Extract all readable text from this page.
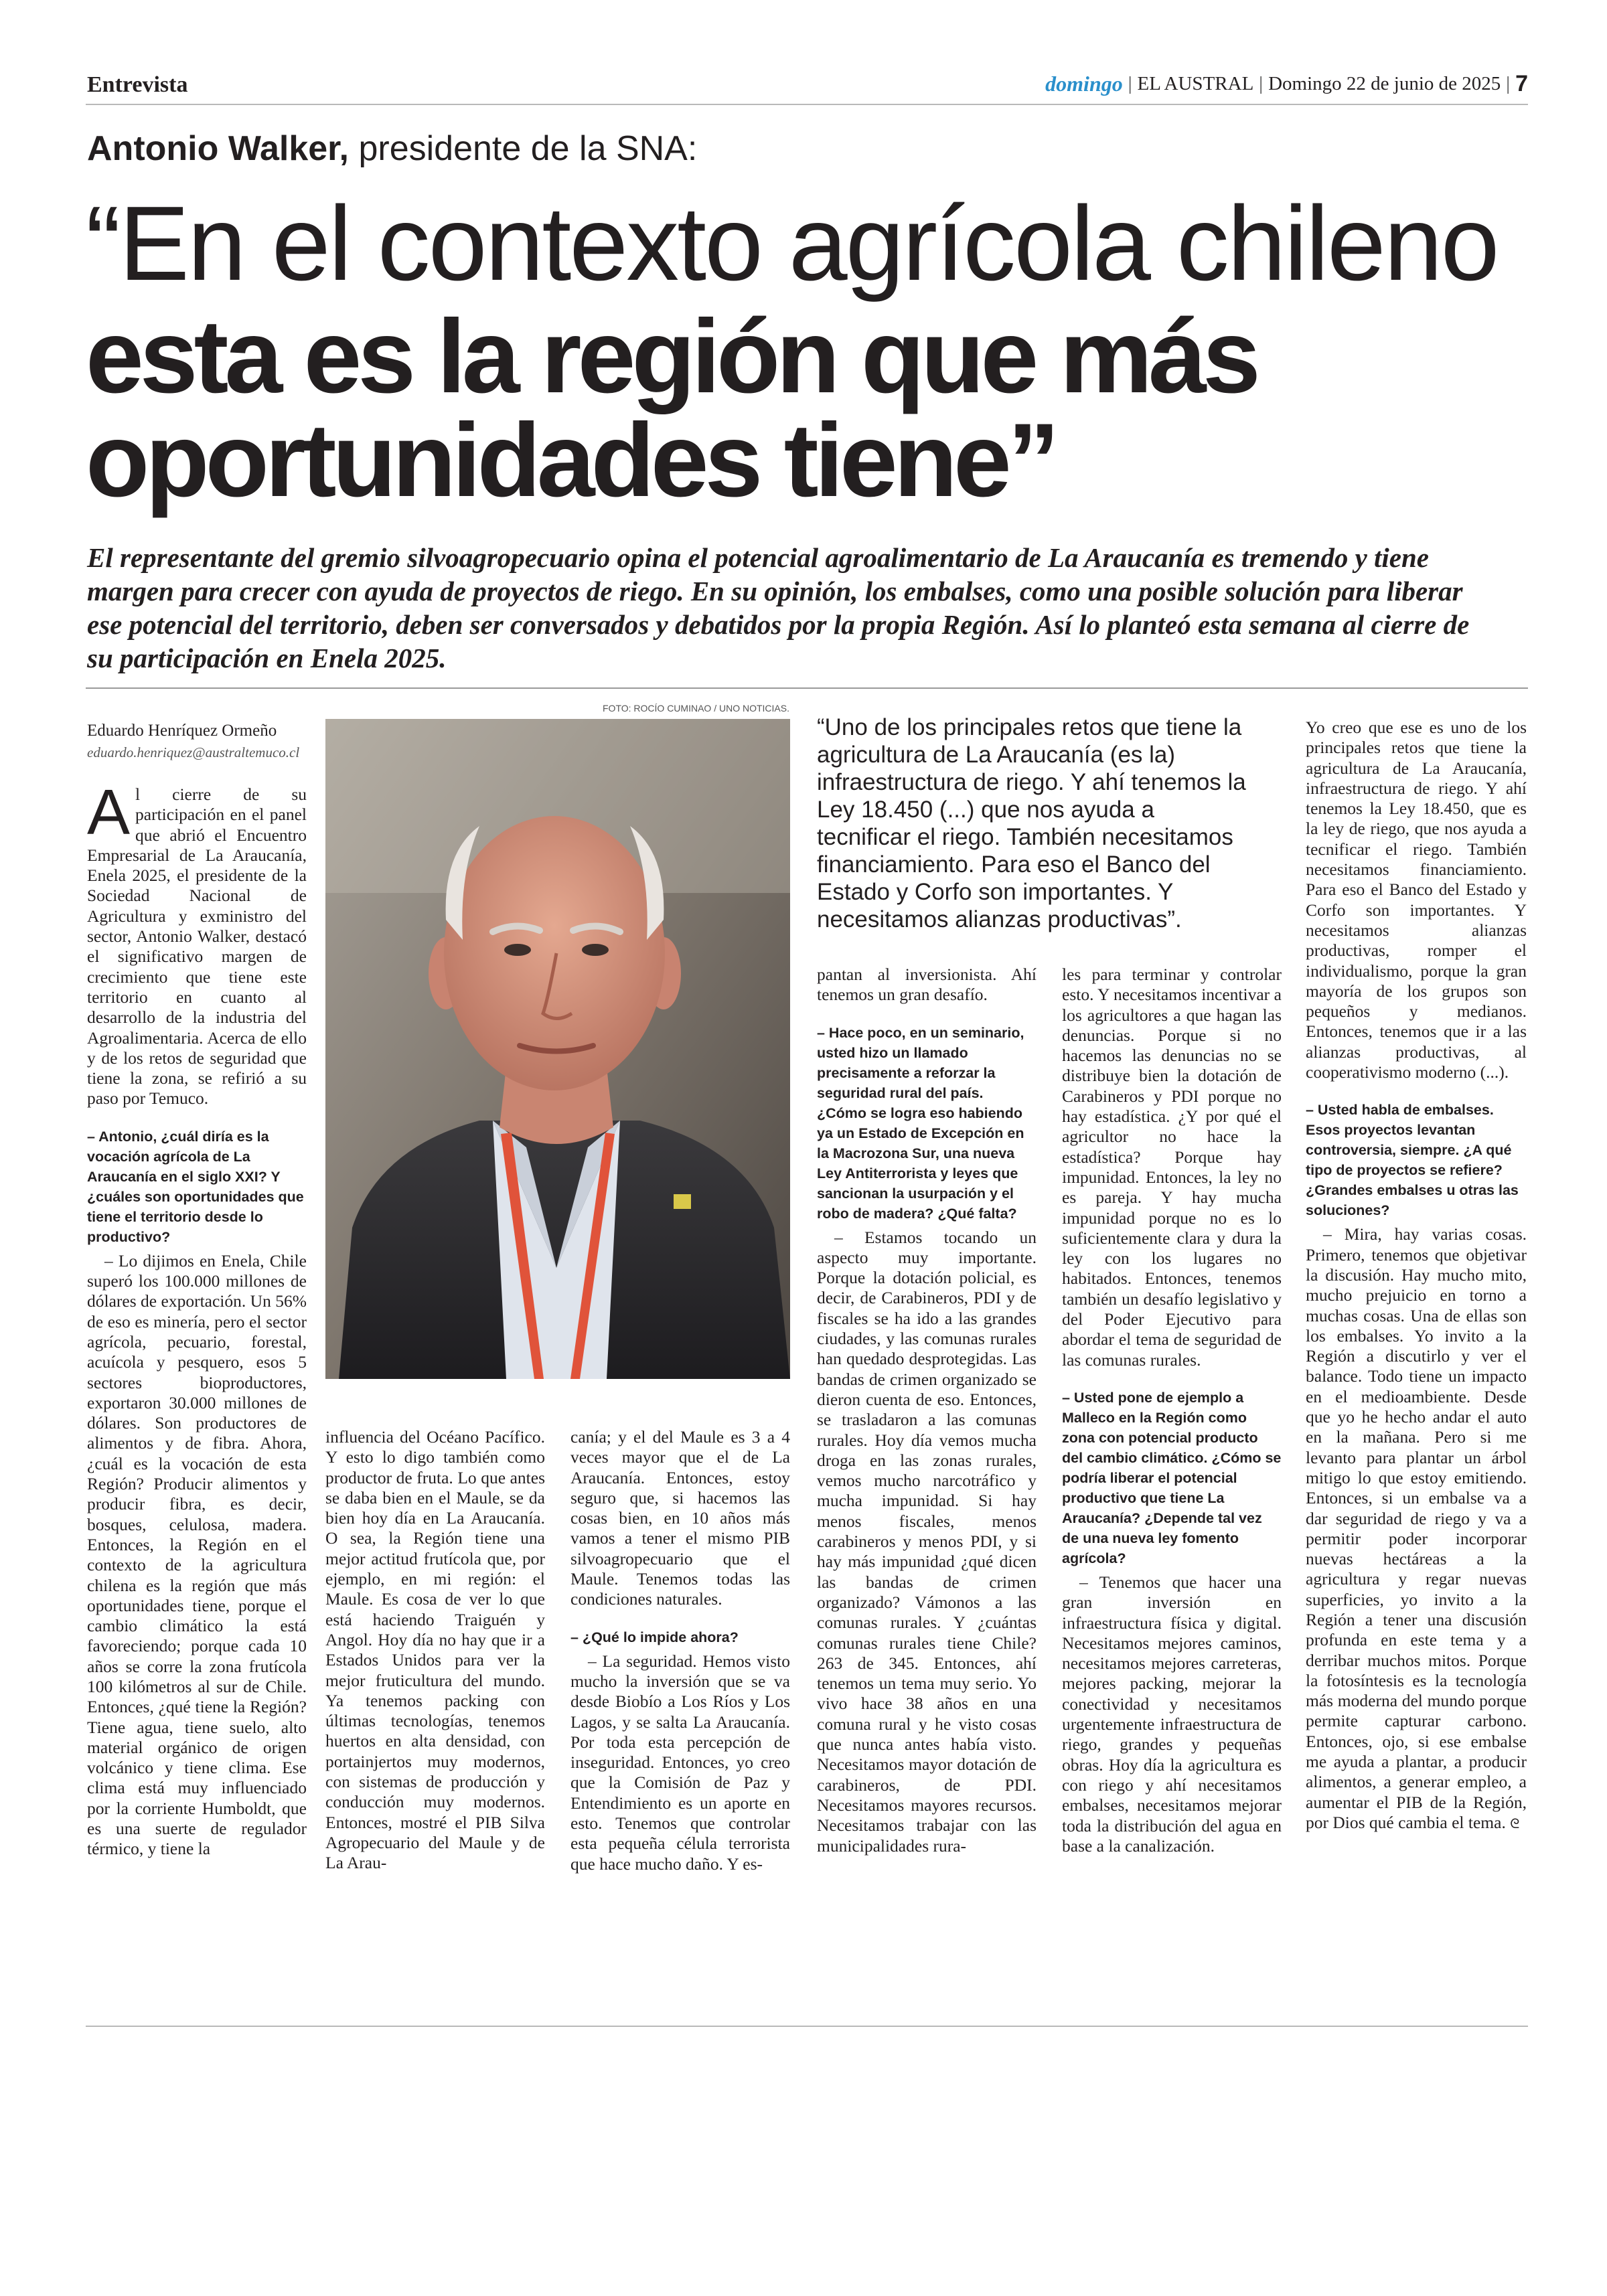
Entrevista	domingo | EL AUSTRAL | Domingo 22 de junio de 2025 | 7
Antonio Walker, presidente de la SNA:
“En el contexto agrícola chileno
esta es la región que más
oportunidades tiene”
El representante del gremio silvoagropecuario opina el potencial agroalimentario de La Araucanía es tremendo y tiene margen para crecer con ayuda de proyectos de riego. En su opinión, los embalses, como una posible solución para liberar ese potencial del territorio, deben ser conversados y debatidos por la propia Región. Así lo planteó esta semana al cierre de su participación en Enela 2025.
Eduardo Henríquez Ormeño
eduardo.henriquez@australtemuco.cl

Al cierre de su participación en el panel que abrió el Encuentro Empresarial de La Araucanía, Enela 2025, el presidente de la Sociedad Nacional de Agricultura y exministro del sector, Antonio Walker, destacó el significativo margen de crecimiento que tiene este territorio en cuanto al desarrollo de la industria del Agroalimentaria. Acerca de ello y de los retos de seguridad que tiene la zona, se refirió a su paso por Temuco.

– Antonio, ¿cuál diría es la vocación agrícola de La Araucanía en el siglo XXI? Y ¿cuáles son oportunidades que tiene el territorio desde lo productivo?

– Lo dijimos en Enela, Chile superó los 100.000 millones de dólares de exportación. Un 56% de eso es minería, pero el sector agrícola, pecuario, forestal, acuícola y pesquero, esos 5 sectores bioproductores, exportaron 30.000 millones de dólares. Son productores de alimentos y de fibra. Ahora, ¿cuál es la vocación de esta Región? Producir alimentos y producir fibra, es decir, bosques, celulosa, madera. Entonces, la Región en el contexto de la agricultura chilena es la región que más oportunidades tiene, porque el cambio climático la está favoreciendo; porque cada 10 años se corre la zona frutícola 100 kilómetros al sur de Chile. Entonces, ¿qué tiene la Región? Tiene agua, tiene suelo, alto material orgánico de origen volcánico y tiene clima. Ese clima está muy influenciado por la corriente Humboldt, que es una suerte de regulador térmico, y tiene la

FOTO: ROCÍO CUMINAO / UNO NOTICIAS.

influencia del Océano Pacífico. Y esto lo digo también como productor de fruta. Lo que antes se daba bien en el Maule, se da bien hoy día en La Araucanía. O sea, la Región tiene una mejor actitud frutícola que, por ejemplo, en mi región: el Maule. Es cosa de ver lo que está haciendo Traiguén y Angol. Hoy día no hay que ir a Estados Unidos para ver la mejor fruticultura del mundo. Ya tenemos packing con últimas tecnologías, tenemos huertos en alta densidad, con portainjertos muy modernos, con sistemas de producción y conducción muy modernos. Entonces, mostré el PIB Silva Agropecuario del Maule y de La Arau-

canía; y el del Maule es 3 a 4 veces mayor que el de La Araucanía. Entonces, estoy seguro que, si hacemos las cosas bien, en 10 años más vamos a tener el mismo PIB silvoagropecuario que el Maule. Tenemos todas las condiciones naturales.

– ¿Qué lo impide ahora?

– La seguridad. Hemos visto mucho la inversión que se va desde Biobío a Los Ríos y Los Lagos, y se salta La Araucanía. Por toda esta percepción de inseguridad. Entonces, yo creo que la Comisión de Paz y Entendimiento es un aporte en esto. Tenemos que controlar esta pequeña célula terrorista que hace mucho daño. Y es-

“Uno de los principales retos que tiene la agricultura de La Araucanía (es la) infraestructura de riego. Y ahí tenemos la Ley 18.450 (...) que nos ayuda a tecnificar el riego. También necesitamos financiamiento. Para eso el Banco del Estado y Corfo son importantes. Y necesitamos alianzas productivas”.

pantan al inversionista. Ahí tenemos un gran desafío.

– Hace poco, en un seminario, usted hizo un llamado precisamente a reforzar la seguridad rural del país. ¿Cómo se logra eso habiendo ya un Estado de Excepción en la Macrozona Sur, una nueva Ley Antiterrorista y leyes que sancionan la usurpación y el robo de madera? ¿Qué falta?

– Estamos tocando un aspecto muy importante. Porque la dotación policial, es decir, de Carabineros, PDI y de fiscales se ha ido a las grandes ciudades, y las comunas rurales han quedado desprotegidas. Las bandas de crimen organizado se dieron cuenta de eso. Entonces, se trasladaron a las comunas rurales. Hoy día vemos mucha droga en las zonas rurales, vemos mucho narcotráfico y mucha impunidad. Si hay menos fiscales, menos carabineros y menos PDI, y si hay más impunidad ¿qué dicen las bandas de crimen organizado? Vámonos a las comunas rurales. Y ¿cuántas comunas rurales tiene Chile? 263 de 345. Entonces, ahí tenemos un tema muy serio. Yo vivo hace 38 años en una comuna rural y he visto cosas que nunca antes había visto. Necesitamos mayor dotación de carabineros, de PDI. Necesitamos mayores recursos. Necesitamos trabajar con las municipalidades rura-

les para terminar y controlar esto. Y necesitamos incentivar a los agricultores a que hagan las denuncias. Porque si no hacemos las denuncias no se distribuye bien la dotación de Carabineros y PDI porque no hay estadística. ¿Y por qué el agricultor no hace la estadística? Porque hay impunidad. Entonces, la ley no es pareja. Y hay mucha impunidad porque no es lo suficientemente clara y dura la ley con los lugares no habitados. Entonces, tenemos también un desafío legislativo y del Poder Ejecutivo para abordar el tema de seguridad de las comunas rurales.

– Usted pone de ejemplo a Malleco en la Región como zona con potencial producto del cambio climático. ¿Cómo se podría liberar el potencial productivo que tiene La Araucanía? ¿Depende tal vez de una nueva ley fomento agrícola?

– Tenemos que hacer una gran inversión en infraestructura física y digital. Necesitamos mejores caminos, necesitamos mejores carreteras, mejores packing, mejorar la conectividad y necesitamos urgentemente infraestructura de riego, grandes y pequeñas obras. Hoy día la agricultura es con riego y ahí necesitamos embalses, necesitamos mejorar toda la distribución del agua en base a la canalización.

Yo creo que ese es uno de los principales retos que tiene la agricultura de La Araucanía, infraestructura de riego. Y ahí tenemos la Ley 18.450, que es la ley de riego, que nos ayuda a tecnificar el riego. También necesitamos financiamiento. Para eso el Banco del Estado y Corfo son importantes. Y necesitamos alianzas productivas, romper el individualismo, porque la gran mayoría de los grupos son pequeños y medianos. Entonces, tenemos que ir a las alianzas productivas, al cooperativismo moderno (...).

– Usted habla de embalses. Esos proyectos levantan controversia, siempre. ¿A qué tipo de proyectos se refiere? ¿Grandes embalses u otras las soluciones?

– Mira, hay varias cosas. Primero, tenemos que objetivar la discusión. Hay mucho mito, mucho prejuicio en torno a muchas cosas. Una de ellas son los embalses. Yo invito a la Región a discutirlo y ver el balance. Todo tiene un impacto en el medioambiente. Desde que yo he hecho andar el auto en la mañana. Pero si me levanto para plantar un árbol mitigo lo que estoy emitiendo. Entonces, si un embalse va a dar seguridad de riego y va a permitir poder incorporar nuevas hectáreas a la agricultura y regar nuevas superficies, yo invito a la Región a tener una discusión profunda en este tema y a derribar muchos mitos. Porque la fotosíntesis es la tecnología más moderna del mundo porque permite capturar carbono. Entonces, ojo, si ese embalse me ayuda a plantar, a producir alimentos, a generar empleo, a aumentar el PIB de la Región, por Dios qué cambia el tema. ᘓ
